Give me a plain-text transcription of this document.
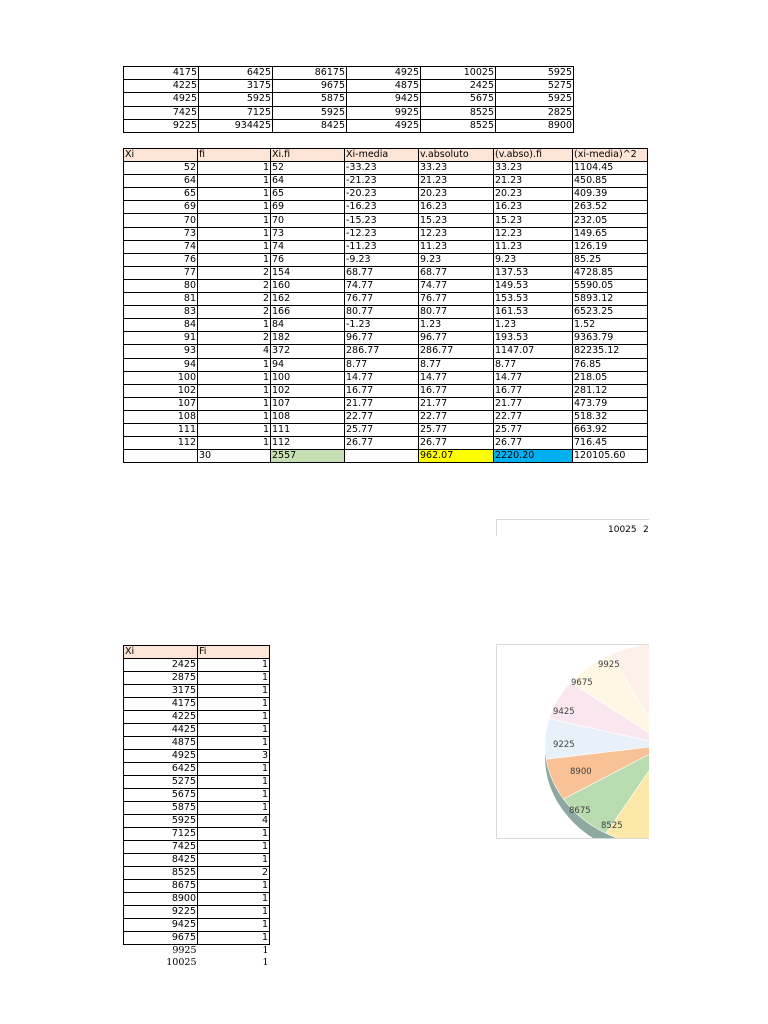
4175	6425	86175	4925	10025	5925
4225	3175	9675	4875	2425	5275
4925	5925	5875	9425	5675	5925
7425	7125	5925	9925	8525	2825
9225	934425	8425	4925	8525	8900
Xi	fi	Xi.fi	Xi-media	v.absoluto	(v.abso).fi	(xi-media)^2
52	1	52	-33.23	33.23	33.23	1104.45
64	1	64	-21.23	21.23	21.23	450.85
65	1	65	-20.23	20.23	20.23	409.39
69	1	69	-16.23	16.23	16.23	263.52
70	1	70	-15.23	15.23	15.23	232.05
73	1	73	-12.23	12.23	12.23	149.65
74	1	74	-11.23	11.23	11.23	126.19
76	1	76	-9.23	9.23	9.23	85.25
77	2	154	68.77	68.77	137.53	4728.85
80	2	160	74.77	74.77	149.53	5590.05
81	2	162	76.77	76.77	153.53	5893.12
83	2	166	80.77	80.77	161.53	6523.25
84	1	84	-1.23	1.23	1.23	1.52
91	2	182	96.77	96.77	193.53	9363.79
93	4	372	286.77	286.77	1147.07	82235.12
94	1	94	8.77	8.77	8.77	76.85
100	1	100	14.77	14.77	14.77	218.05
102	1	102	16.77	16.77	16.77	281.12
107	1	107	21.77	21.77	21.77	473.79
108	1	108	22.77	22.77	22.77	518.32
111	1	111	25.77	25.77	25.77	663.92
112	1	112	26.77	26.77	26.77	716.45
	30	2557		962.07	2220.20	120105.60
10025 2
Xi	Fi
2425	1
2875	1
3175	1
4175	1
4225	1
4425	1
4875	1
4925	3
6425	1
5275	1
5675	1
5875	1
5925	4
7125	1
7425	1
8425	1
8525	2
8675	1
8900	1
9225	1
9425	1
9675	1
9925	1
10025	1
9925
9675
9425
9225
8900
8675
8525
